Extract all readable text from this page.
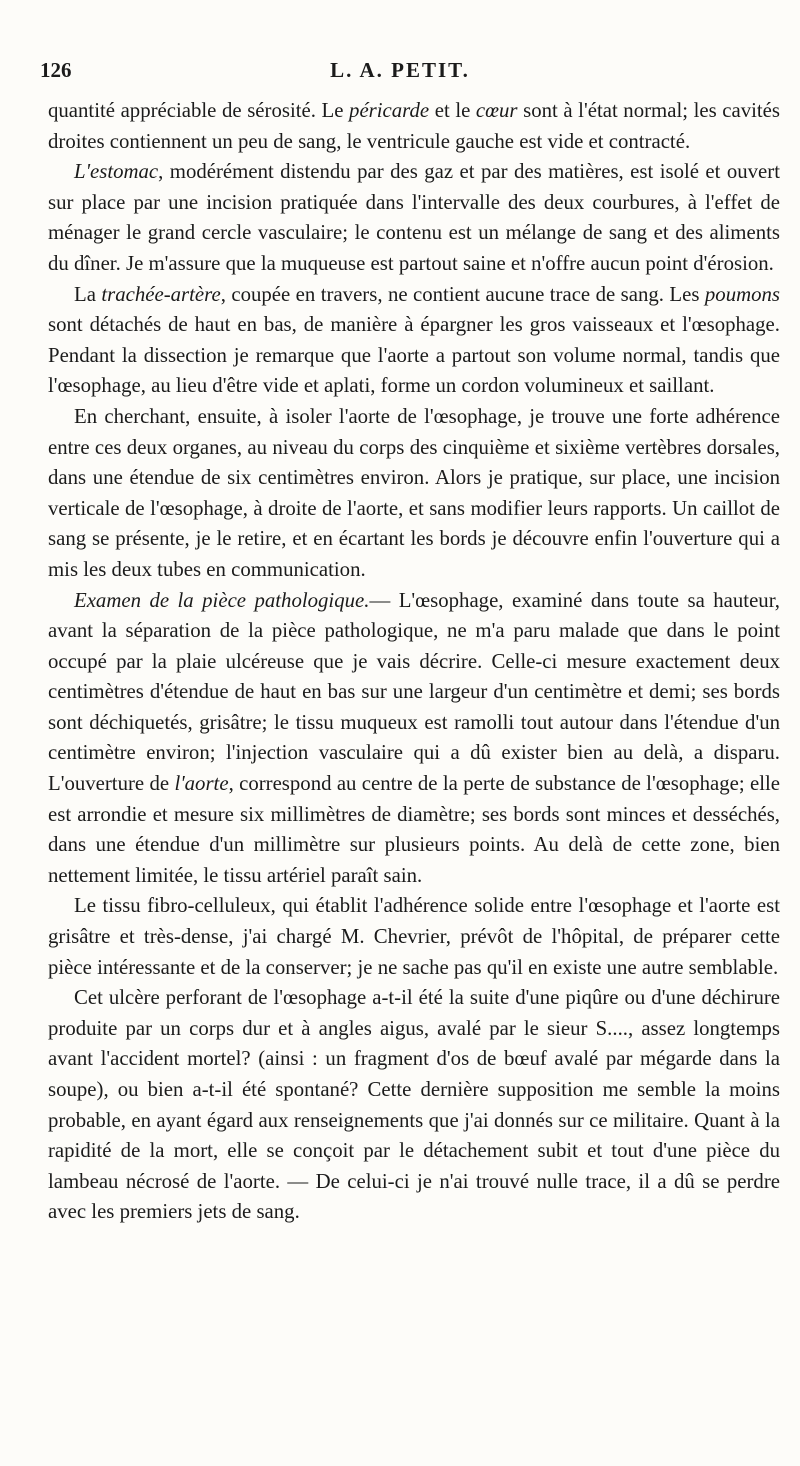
126	L. A. PETIT.

quantité appréciable de sérosité. Le péricarde et le cœur sont à l'état normal; les cavités droites contiennent un peu de sang, le ventricule gauche est vide et contracté.

L'estomac, modérément distendu par des gaz et par des matières, est isolé et ouvert sur place par une incision pratiquée dans l'intervalle des deux courbures, à l'effet de ménager le grand cercle vasculaire; le contenu est un mélange de sang et des aliments du dîner. Je m'assure que la muqueuse est partout saine et n'offre aucun point d'érosion.

La trachée-artère, coupée en travers, ne contient aucune trace de sang. Les poumons sont détachés de haut en bas, de manière à épargner les gros vaisseaux et l'œsophage. Pendant la dissection je remarque que l'aorte a partout son volume normal, tandis que l'œsophage, au lieu d'être vide et aplati, forme un cordon volumineux et saillant.

En cherchant, ensuite, à isoler l'aorte de l'œsophage, je trouve une forte adhérence entre ces deux organes, au niveau du corps des cinquième et sixième vertèbres dorsales, dans une étendue de six centimètres environ. Alors je pratique, sur place, une incision verticale de l'œsophage, à droite de l'aorte, et sans modifier leurs rapports. Un caillot de sang se présente, je le retire, et en écartant les bords je découvre enfin l'ouverture qui a mis les deux tubes en communication.

Examen de la pièce pathologique.— L'œsophage, examiné dans toute sa hauteur, avant la séparation de la pièce pathologique, ne m'a paru malade que dans le point occupé par la plaie ulcéreuse que je vais décrire. Celle-ci mesure exactement deux centimètres d'étendue de haut en bas sur une largeur d'un centimètre et demi; ses bords sont déchiquetés, grisâtre; le tissu muqueux est ramolli tout autour dans l'étendue d'un centimètre environ; l'injection vasculaire qui a dû exister bien au delà, a disparu. L'ouverture de l'aorte, correspond au centre de la perte de substance de l'œsophage; elle est arrondie et mesure six millimètres de diamètre; ses bords sont minces et desséchés, dans une étendue d'un millimètre sur plusieurs points. Au delà de cette zone, bien nettement limitée, le tissu artériel paraît sain.

Le tissu fibro-celluleux, qui établit l'adhérence solide entre l'œsophage et l'aorte est grisâtre et très-dense, j'ai chargé M. Chevrier, prévôt de l'hôpital, de préparer cette pièce intéressante et de la conserver; je ne sache pas qu'il en existe une autre semblable.

Cet ulcère perforant de l'œsophage a-t-il été la suite d'une piqûre ou d'une déchirure produite par un corps dur et à angles aigus, avalé par le sieur S...., assez longtemps avant l'accident mortel? (ainsi : un fragment d'os de bœuf avalé par mégarde dans la soupe), ou bien a-t-il été spontané? Cette dernière supposition me semble la moins probable, en ayant égard aux renseignements que j'ai donnés sur ce militaire. Quant à la rapidité de la mort, elle se conçoit par le détachement subit et tout d'une pièce du lambeau nécrosé de l'aorte. — De celui-ci je n'ai trouvé nulle trace, il a dû se perdre avec les premiers jets de sang.
